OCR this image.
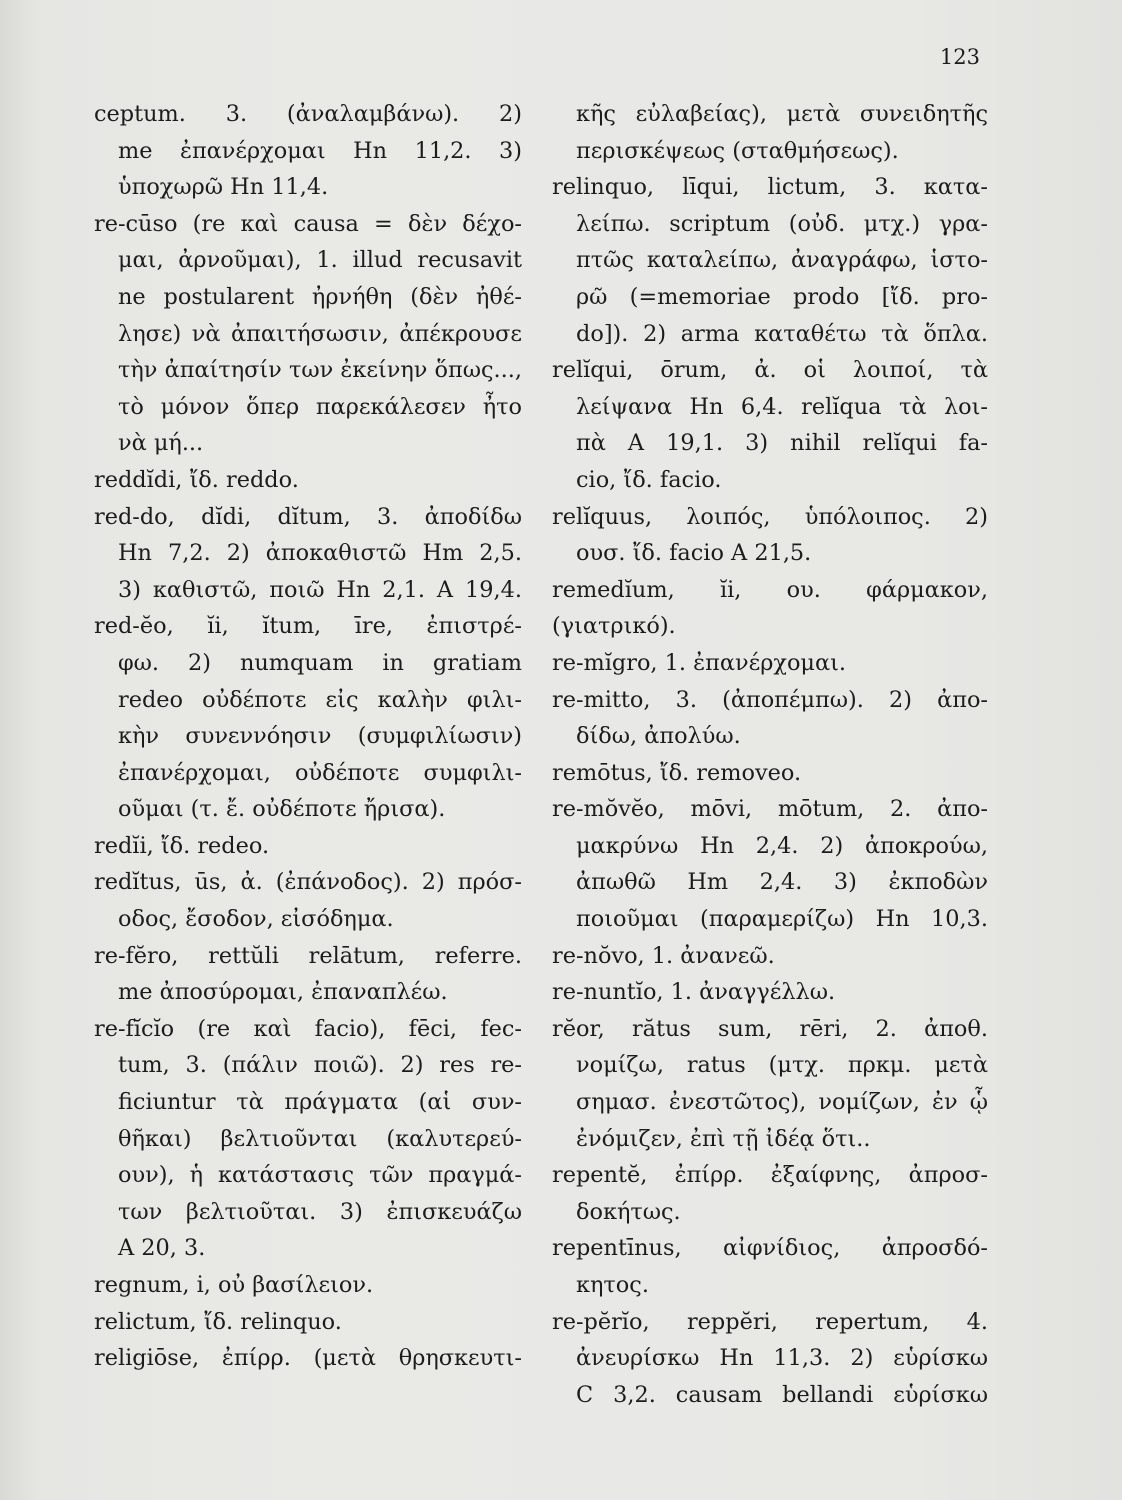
123
ceptum. 3. (ἀναλαμβάνω). 2)
me ἐπανέρχομαι Hn 11,2. 3)
ὑποχωρῶ Hn 11,4.
re-cūso (re καὶ causa = δὲν δέχο-
μαι, ἀρνοῦμαι), 1. illud recusavit
ne postularent ἠρνήθη (δὲν ἠθέ-
λησε) νὰ ἀπαιτήσωσιν, ἀπέκρουσε
τὴν ἀπαίτησίν των ἐκείνην ὅπως...,
τὸ μόνον ὅπερ παρεκάλεσεν ἦτο
νὰ μή...
reddĭdi, ἴδ. reddo.
red-do, dĭdi, dĭtum, 3. ἀποδίδω
Hn 7,2. 2) ἀποκαθιστῶ Hm 2,5.
3) καθιστῶ, ποιῶ Hn 2,1. A 19,4.
red-ĕo, ĭi, ĭtum, īre, ἐπιστρέ-
φω. 2) numquam in gratiam
redeo οὐδέποτε εἰς καλὴν φιλι-
κὴν συνεννόησιν (συμφιλίωσιν)
ἐπανέρχομαι, οὐδέποτε συμφιλι-
οῦμαι (τ. ἔ. οὐδέποτε ἤρισα).
redĭi, ἴδ. redeo.
redĭtus, ūs, ἀ. (ἐπάνοδος). 2) πρόσ-
οδος, ἔσοδον, εἰσόδημα.
re-fĕro, rettŭli relātum, referre.
me ἀποσύρομαι, ἐπαναπλέω.
re-fĭcĭo (re καὶ facio), fēci, fec-
tum, 3. (πάλιν ποιῶ). 2) res re-
ficiuntur τὰ πράγματα (αἱ συν-
θῆκαι) βελτιοῦνται (καλυτερεύ-
ουν), ἡ κατάστασις τῶν πραγμά-
των βελτιοῦται. 3) ἐπισκευάζω
A 20, 3.
regnum, i, οὐ βασίλειον.
relictum, ἴδ. relinquo.
religiōse, ἐπίρρ. (μετὰ θρησκευτι-
κῆς εὐλαβείας), μετὰ συνειδητῆς
περισκέψεως (σταθμήσεως).
relinquo, līqui, lictum, 3. κατα-
λείπω. scriptum (οὐδ. μτχ.) γρα-
πτῶς καταλείπω, ἀναγράφω, ἱστο-
ρῶ (=memoriae prodo [ἴδ. pro-
do]). 2) arma καταθέτω τὰ ὅπλα.
relĭqui, ōrum, ἀ. οἱ λοιποί, τὰ
λείψανα Hn 6,4. relĭqua τὰ λοι-
πὰ A 19,1. 3) nihil relĭqui fa-
cio, ἴδ. facio.
relĭquus, λοιπός, ὑπόλοιπος. 2)
ουσ. ἴδ. facio A 21,5.
remedĭum, ĭi, ου. φάρμακον,
(γιατρικό).
re-mĭgro, 1. ἐπανέρχομαι.
re-mitto, 3. (ἀποπέμπω). 2) ἀπο-
δίδω, ἀπολύω.
remōtus, ἴδ. removeo.
re-mŏvĕo, mōvi, mōtum, 2. ἀπο-
μακρύνω Hn 2,4. 2) ἀποκρούω,
ἀπωθῶ Hm 2,4. 3) ἐκποδὼν
ποιοῦμαι (παραμερίζω) Hn 10,3.
re-nŏvo, 1. ἀνανεῶ.
re-nuntĭo, 1. ἀναγγέλλω.
rĕor, rătus sum, rēri, 2. ἀποθ.
νομίζω, ratus (μτχ. πρκμ. μετὰ
σημασ. ἐνεστῶτος), νομίζων, ἐν ᾧ
ἐνόμιζεν, ἐπὶ τῇ ἰδέᾳ ὅτι..
repentĕ, ἐπίρρ. ἐξαίφνης, ἀπροσ-
δοκήτως.
repentīnus, αἰφνίδιος, ἀπροσδό-
κητος.
re-pĕrĭo, reppĕri, repertum, 4.
ἀνευρίσκω Hn 11,3. 2) εὑρίσκω
C 3,2. causam bellandi εὑρίσκω
